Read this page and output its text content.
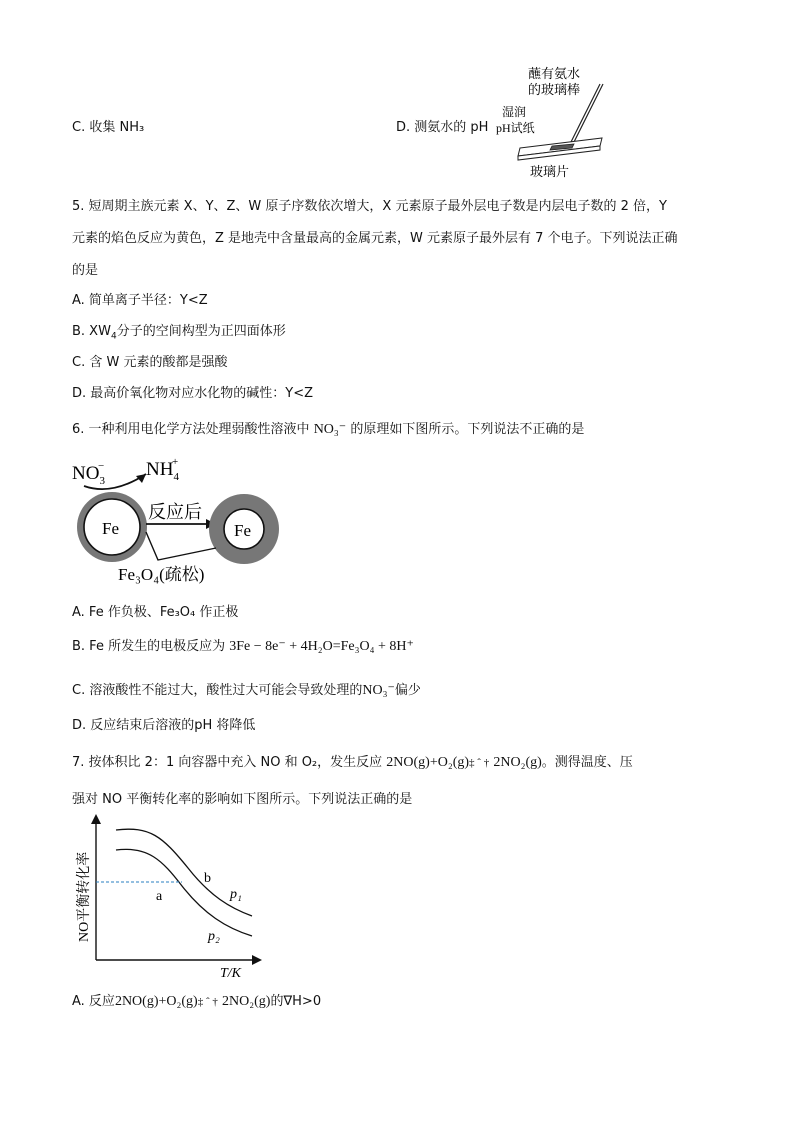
C. 收集 NH₃	D. 测氨水的 pH
蘸有氨水
的玻璃棒
湿润
pH试纸
玻璃片
5. 短周期主族元素 X、Y、Z、W 原子序数依次增大，X 元素原子最外层电子数是内层电子数的 2 倍，Y
元素的焰色反应为黄色，Z 是地壳中含量最高的金属元素，W 元素原子最外层有 7 个电子。下列说法正确
的是
A. 简单离子半径：Y<Z
B. $XW_4$分子的空间构型为正四面体形
C. 含 W 元素的酸都是强酸
D. 最高价氧化物对应水化物的碱性：Y<Z
6. 一种利用电化学方法处理弱酸性溶液中 NO₃⁻ 的原理如下图所示。下列说法不正确的是
$NO_3- NH_4+$
Fe
反应后
Fe
Fe₃O₄(疏松)
A. Fe 作负极、Fe₃O₄ 作正极
B. Fe 所发生的电极反应为 3Fe − 8e⁻ + 4H₂O=Fe₃O₄ + 8H⁺
C. 溶液酸性不能过大，酸性过大可能会导致处理的NO₃⁻偏少
D. 反应结束后溶液的pH 将降低
7. 按体积比 2：1 向容器中充入 NO 和 O₂，发生反应 2NO(g)+O₂(g)‡ ˆ † 2NO₂(g)。测得温度、压
强对 NO 平衡转化率的影响如下图所示。下列说法正确的是
NO平衡转化率
T/K
a
b
p₁
p₂
A. 反应2NO(g)+O₂(g)‡ ˆ † 2NO₂(g)的∇H>0
